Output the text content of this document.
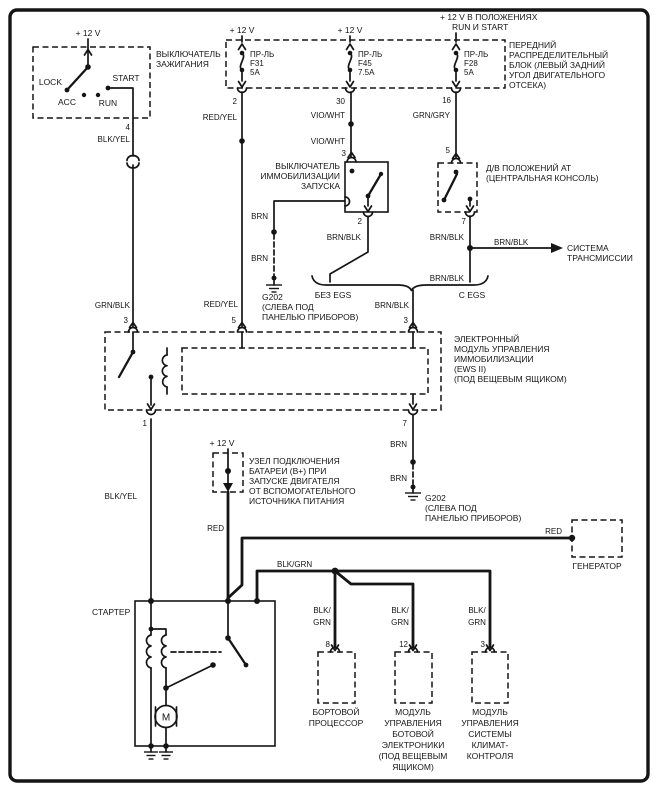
+ 12 V
LOCK
ACC	RUN
START
ВЫКЛЮЧАТЕЛЬ
ЗАЖИГАНИЯ
4
BLK/YEL
+ 12 V	+ 12 V
+ 12 V В ПОЛОЖЕНИЯХ
RUN И START
ПР-ЛЬ
F31
5A
ПР-ЛЬ
F45
7.5A
ПР-ЛЬ
F28
5A
2	30	16
ПЕРЕДНИЙ
РАСПРЕДЕЛИТЕЛЬНЫЙ
БЛОК (ЛЕВЫЙ ЗАДНИЙ
УГОЛ ДВИГАТЕЛЬНОГО
ОТСЕКА)
RED/YEL
RED/YEL
VIO/WHT
VIO/WHT
GRN/GRY
GRN/BLK
3
2
ВЫКЛЮЧАТЕЛЬ
ИММОБИЛИЗАЦИИ
ЗАПУСКА
BRN
BRN
G202
(СЛЕВА ПОД
ПАНЕЛЬЮ ПРИБОРОВ)
5
7
Д/В ПОЛОЖЕНИЙ АТ
(ЦЕНТРАЛЬНАЯ КОНСОЛЬ)
BRN/BLK
СИСТЕМА
ТРАНСМИССИИ
BRN/BLK
BRN/BLK
BRN/BLK
БЕЗ EGS	C EGS
BRN/BLK
3	5	3
1	7
ЭЛЕКТРОННЫЙ
МОДУЛЬ УПРАВЛЕНИЯ
ИММОБИЛИЗАЦИИ
(EWS II)
(ПОД ВЕЩЕВЫМ ЯЩИКОМ)
BRN
BRN
G202
(СЛЕВА ПОД
ПАНЕЛЬЮ ПРИБОРОВ)
+ 12 V
УЗЕЛ ПОДКЛЮЧЕНИЯ
БАТАРЕИ (B+) ПРИ
ЗАПУСКЕ ДВИГАТЕЛЯ
ОТ ВСПОМОГАТЕЛЬНОГО
ИСТОЧНИКА ПИТАНИЯ
RED
BLK/YEL
RED
ГЕНЕРАТОР
BLK/GRN
BLK/
GRN
BLK/
GRN
BLK/
GRN
8
БОРТОВОЙ
ПРОЦЕССОР
12
МОДУЛЬ
УПРАВЛЕНИЯ
БОТОВОЙ
ЭЛЕКТРОНИКИ
(ПОД ВЕЩЕВЫМ
ЯЩИКОМ)
3
МОДУЛЬ
УПРАВЛЕНИЯ
СИСТЕМЫ
КЛИМАТ-
КОНТРОЛЯ
СТАРТЕР
M
